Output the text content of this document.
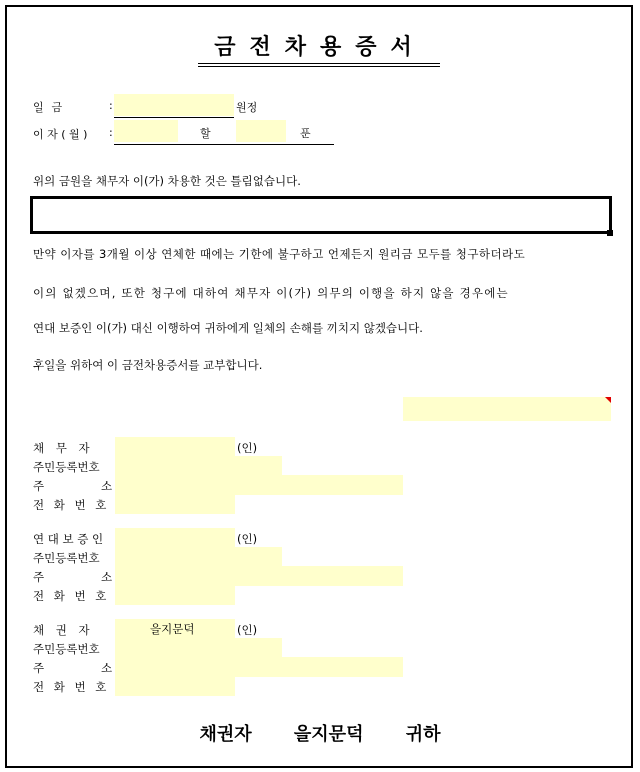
금전차용증서
일 금	:	원정
이 자 ( 월 ) :	할	푼
위의 금원을 채무자 이(가) 차용한 것은 틀림없습니다.
만약 이자를 3개월 이상 연체한 때에는 기한에 불구하고 언제든지 원리금 모두를 청구하더라도
이의 없겠으며, 또한 청구에 대하여 채무자 이(가) 의무의 이행을 하지 않을 경우에는
연대 보증인 이(가) 대신 이행하여 귀하에게 일체의 손해를 끼치지 않겠습니다.
후일을 위하여 이 금전차용증서를 교부합니다.
채 무 자	(인)
주민등록번호
주	소
전 화 번 호
연 대 보 증 인	(인)
주민등록번호
주	소
전 화 번 호
채 권 자	을지문덕	(인)
주민등록번호
주	소
전 화 번 호
채권자 을지문덕 귀하
